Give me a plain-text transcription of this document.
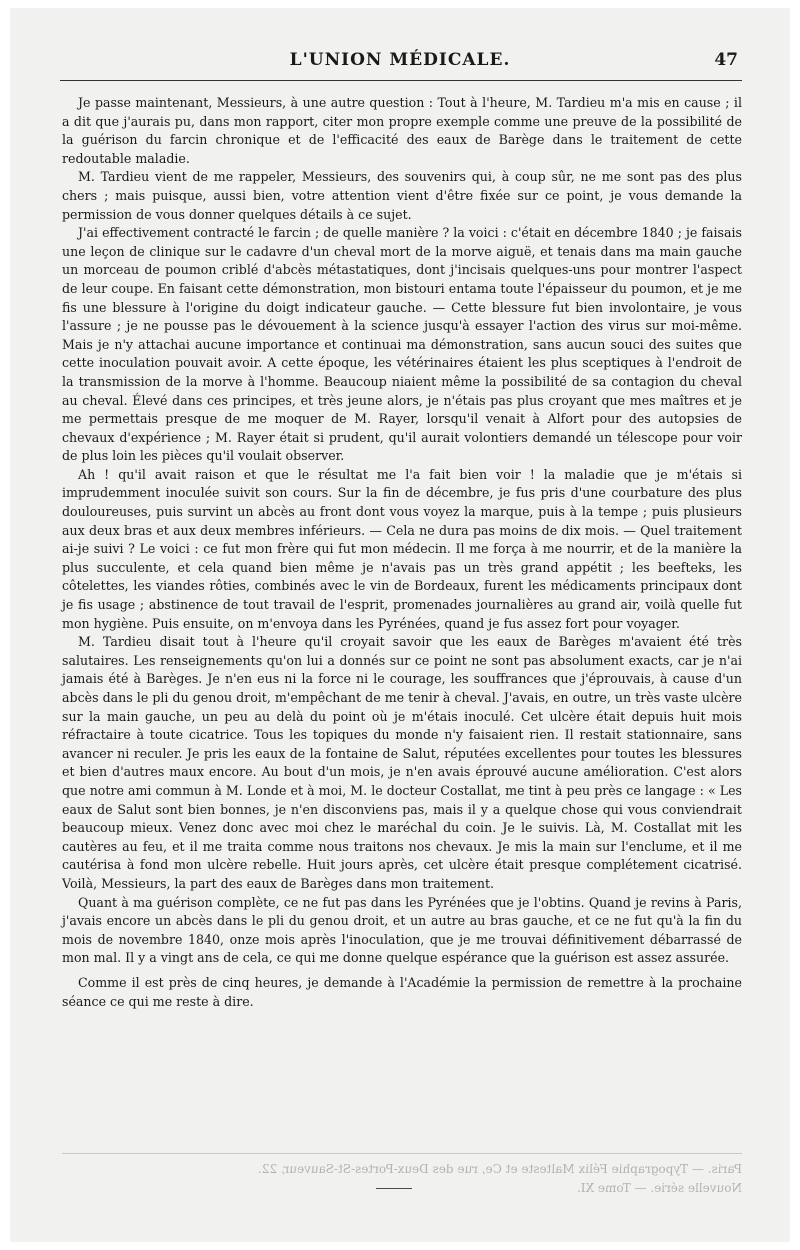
L'UNION MÉDICALE.	47

Je passe maintenant, Messieurs, à une autre question : Tout à l'heure, M. Tardieu m'a mis en cause ; il a dit que j'aurais pu, dans mon rapport, citer mon propre exemple comme une preuve de la possibilité de la guérison du farcin chronique et de l'efficacité des eaux de Barège dans le traitement de cette redoutable maladie.

M. Tardieu vient de me rappeler, Messieurs, des souvenirs qui, à coup sûr, ne me sont pas des plus chers ; mais puisque, aussi bien, votre attention vient d'être fixée sur ce point, je vous demande la permission de vous donner quelques détails à ce sujet.

J'ai effectivement contracté le farcin ; de quelle manière ? la voici : c'était en décembre 1840 ; je faisais une leçon de clinique sur le cadavre d'un cheval mort de la morve aiguë, et tenais dans ma main gauche un morceau de poumon criblé d'abcès métastatiques, dont j'incisais quelques-uns pour montrer l'aspect de leur coupe. En faisant cette démonstration, mon bistouri entama toute l'épaisseur du poumon, et je me fis une blessure à l'origine du doigt indicateur gauche. — Cette blessure fut bien involontaire, je vous l'assure ; je ne pousse pas le dévouement à la science jusqu'à essayer l'action des virus sur moi-même. Mais je n'y attachai aucune importance et continuai ma démonstration, sans aucun souci des suites que cette inoculation pouvait avoir. A cette époque, les vétérinaires étaient les plus sceptiques à l'endroit de la transmission de la morve à l'homme. Beaucoup niaient même la possibilité de sa contagion du cheval au cheval. Élevé dans ces principes, et très jeune alors, je n'étais pas plus croyant que mes maîtres et je me permettais presque de me moquer de M. Rayer, lorsqu'il venait à Alfort pour des autopsies de chevaux d'expérience ; M. Rayer était si prudent, qu'il aurait volontiers demandé un télescope pour voir de plus loin les pièces qu'il voulait observer.

Ah ! qu'il avait raison et que le résultat me l'a fait bien voir ! la maladie que je m'étais si imprudemment inoculée suivit son cours. Sur la fin de décembre, je fus pris d'une courbature des plus douloureuses, puis survint un abcès au front dont vous voyez la marque, puis à la tempe ; puis plusieurs aux deux bras et aux deux membres inférieurs. — Cela ne dura pas moins de dix mois. — Quel traitement ai-je suivi ? Le voici : ce fut mon frère qui fut mon médecin. Il me força à me nourrir, et de la manière la plus succulente, et cela quand bien même je n'avais pas un très grand appétit ; les beefteks, les côtelettes, les viandes rôties, combinés avec le vin de Bordeaux, furent les médicaments principaux dont je fis usage ; abstinence de tout travail de l'esprit, promenades journalières au grand air, voilà quelle fut mon hygiène. Puis ensuite, on m'envoya dans les Pyrénées, quand je fus assez fort pour voyager.

M. Tardieu disait tout à l'heure qu'il croyait savoir que les eaux de Barèges m'avaient été très salutaires. Les renseignements qu'on lui a donnés sur ce point ne sont pas absolument exacts, car je n'ai jamais été à Barèges. Je n'en eus ni la force ni le courage, les souffrances que j'éprouvais, à cause d'un abcès dans le pli du genou droit, m'empêchant de me tenir à cheval. J'avais, en outre, un très vaste ulcère sur la main gauche, un peu au delà du point où je m'étais inoculé. Cet ulcère était depuis huit mois réfractaire à toute cicatrice. Tous les topiques du monde n'y faisaient rien. Il restait stationnaire, sans avancer ni reculer. Je pris les eaux de la fontaine de Salut, réputées excellentes pour toutes les blessures et bien d'autres maux encore. Au bout d'un mois, je n'en avais éprouvé aucune amélioration. C'est alors que notre ami commun à M. Londe et à moi, M. le docteur Costallat, me tint à peu près ce langage : « Les eaux de Salut sont bien bonnes, je n'en disconviens pas, mais il y a quelque chose qui vous conviendrait beaucoup mieux. Venez donc avec moi chez le maréchal du coin. Je le suivis. Là, M. Costallat mit les cautères au feu, et il me traita comme nous traitons nos chevaux. Je mis la main sur l'enclume, et il me cautérisa à fond mon ulcère rebelle. Huit jours après, cet ulcère était presque complétement cicatrisé. Voilà, Messieurs, la part des eaux de Barèges dans mon traitement.

Quant à ma guérison complète, ce ne fut pas dans les Pyrénées que je l'obtins. Quand je revins à Paris, j'avais encore un abcès dans le pli du genou droit, et un autre au bras gauche, et ce ne fut qu'à la fin du mois de novembre 1840, onze mois après l'inoculation, que je me trouvai définitivement débarrassé de mon mal. Il y a vingt ans de cela, ce qui me donne quelque espérance que la guérison est assez assurée.

Comme il est près de cinq heures, je demande à l'Académie la permission de remettre à la prochaine séance ce qui me reste à dire.

Paris. — Typographie Félix Malteste et Ce, rue des Deux-Portes-St-Sauveur, 22.
Nouvelle série. — Tome XI.
